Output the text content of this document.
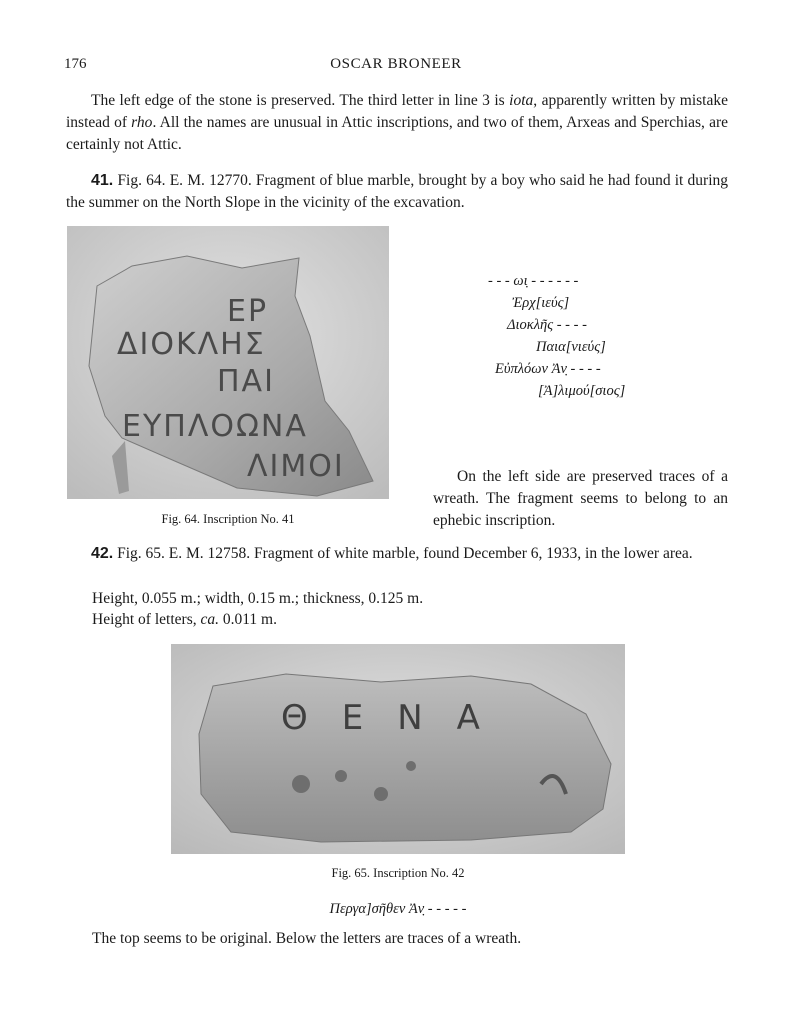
176	OSCAR BRONEER
The left edge of the stone is preserved. The third letter in line 3 is iota, apparently written by mistake instead of rho. All the names are unusual in Attic inscriptions, and two of them, Arxeas and Sperchias, are certainly not Attic.
41. Fig. 64. E. M. 12770. Fragment of blue marble, brought by a boy who said he had found it during the summer on the North Slope in the vicinity of the excavation.
ΕΡ
ΔΙΟΚΛΗΣ
ΠΑΙ
ΕΥΠΛΟΩΝΑ
ΛΙΜΟΙ
Fig. 64. Inscription No. 41
- - - ωι̣ - - - - - -
Ἐρχ[ιεύς]
Διοκλῆς - - - -
Παια[νιεύς]
Εὐπλόων Ἀν̣ - - - -
[Ἀ]λιμού[σιος]
On the left side are preserved traces of a wreath. The fragment seems to belong to an ephebic inscription.
42. Fig. 65. E. M. 12758. Fragment of white marble, found December 6, 1933, in the lower area.
Height, 0.055 m.; width, 0.15 m.; thickness, 0.125 m.
Height of letters, ca. 0.011 m.
ΘΕΝΑ
Fig. 65. Inscription No. 42
Περγα]σῆθεν Ἀν̣ - - - - -
The top seems to be original. Below the letters are traces of a wreath.
